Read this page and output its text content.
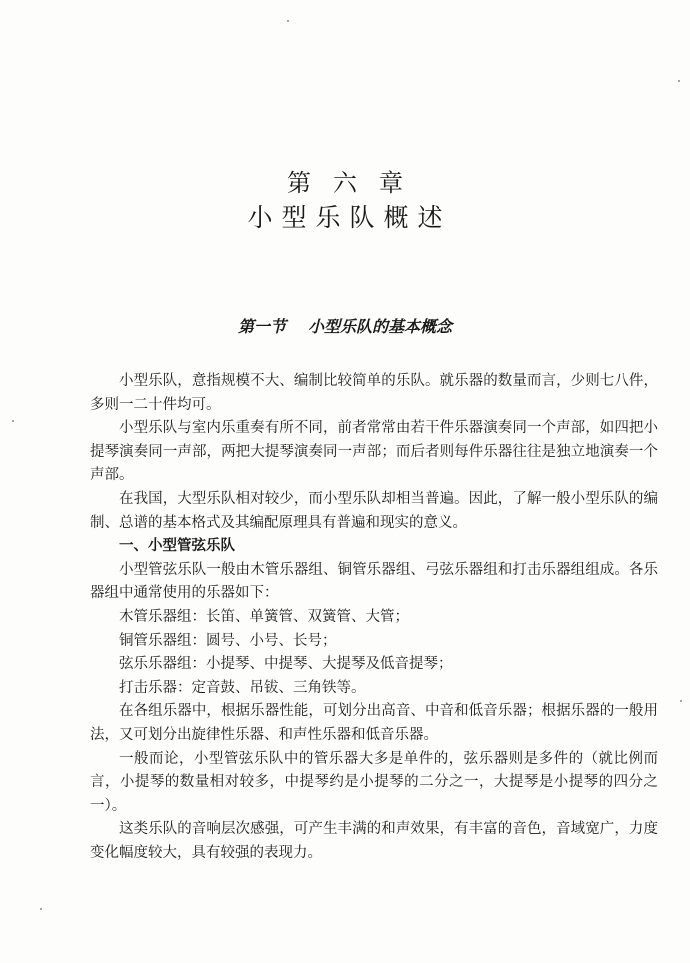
第六章
小型乐队概述
第一节 小型乐队的基本概念

小型乐队，意指规模不大、编制比较简单的乐队。就乐器的数量而言，少则七八件，多则一二十件均可。

小型乐队与室内乐重奏有所不同，前者常常由若干件乐器演奏同一个声部，如四把小提琴演奏同一声部，两把大提琴演奏同一声部；而后者则每件乐器往往是独立地演奏一个声部。

在我国，大型乐队相对较少，而小型乐队却相当普遍。因此，了解一般小型乐队的编制、总谱的基本格式及其编配原理具有普遍和现实的意义。

一、小型管弦乐队

小型管弦乐队一般由木管乐器组、铜管乐器组、弓弦乐器组和打击乐器组组成。各乐器组中通常使用的乐器如下：

木管乐器组：长笛、单簧管、双簧管、大管；

铜管乐器组：圆号、小号、长号；

弦乐乐器组：小提琴、中提琴、大提琴及低音提琴；

打击乐器：定音鼓、吊钹、三角铁等。

在各组乐器中，根据乐器性能，可划分出高音、中音和低音乐器；根据乐器的一般用法，又可划分出旋律性乐器、和声性乐器和低音乐器。

一般而论，小型管弦乐队中的管乐器大多是单件的，弦乐器则是多件的（就比例而言，小提琴的数量相对较多，中提琴约是小提琴的二分之一，大提琴是小提琴的四分之一）。

这类乐队的音响层次感强，可产生丰满的和声效果，有丰富的音色，音域宽广，力度变化幅度较大，具有较强的表现力。
